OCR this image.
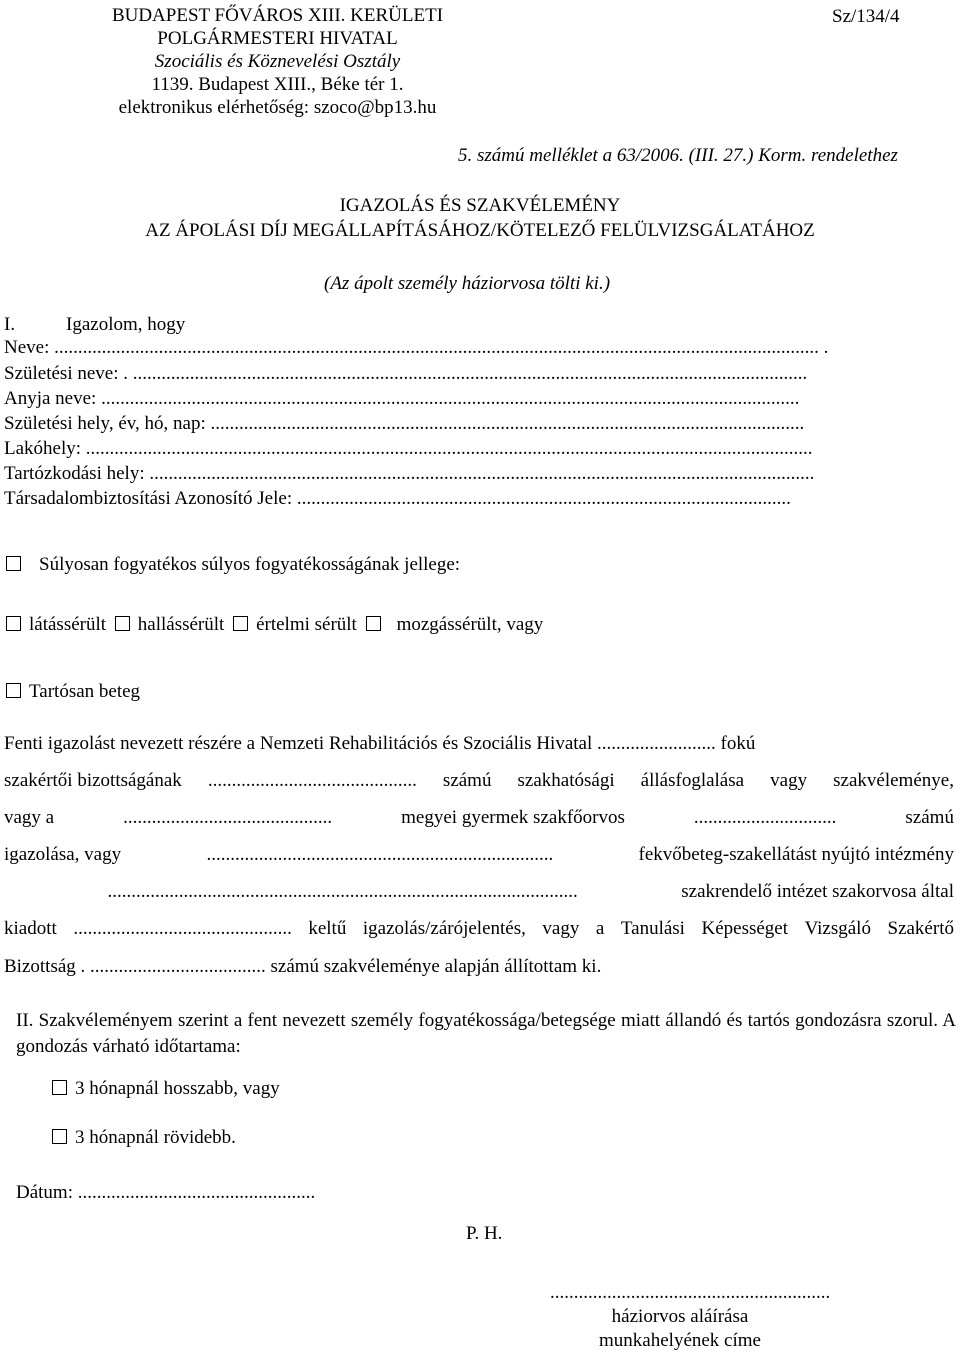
BUDAPEST FŐVÁROS XIII. KERÜLETI
POLGÁRMESTERI HIVATAL
Szociális és Köznevelési Osztály
1139. Budapest XIII., Béke tér 1.
elektronikus elérhetőség: szoco@bp13.hu
Sz/134/4
5. számú melléklet a 63/2006. (III. 27.) Korm. rendelethez
IGAZOLÁS ÉS SZAKVÉLEMÉNY
AZ ÁPOLÁSI DÍJ MEGÁLLAPÍTÁSÁHOZ/KÖTELEZŐ FELÜLVIZSGÁLATÁHOZ
(Az ápolt személy háziorvosa tölti ki.)
I.	Igazolom, hogy
Neve: ................................................................................................................................................................. .
Születési neve: . ..............................................................................................................................................
Anyja neve: ...................................................................................................................................................
Születési hely, év, hó, nap: .............................................................................................................................
Lakóhely: .........................................................................................................................................................
Tartózkodási hely: ............................................................................................................................................
Társadalombiztosítási Azonosító Jele: ........................................................................................................
Súlyosan fogyatékos súlyos fogyatékosságának jellege:
látássérült hallássérült értelmi sérült mozgássérült, vagy
Tartósan beteg
Fenti igazolást nevezett részére a Nemzeti Rehabilitációs és Szociális Hivatal ......................... fokú
szakértői bizottságának ............................................ számú szakhatósági állásfoglalása vagy szakvéleménye,
vagy a	............................................	megyei gyermek szakfőorvos	..............................	számú
igazolása, vagy	.........................................................................	fekvőbeteg-szakellátást nyújtó intézmény
...................................................................................................	szakrendelő intézet szakorvosa által
kiadott .............................................. keltű igazolás/zárójelentés, vagy a Tanulási Képességet Vizsgáló Szakértő
Bizottság . ..................................... számú szakvéleménye alapján állítottam ki.
II. Szakvéleményem szerint a fent nevezett személy fogyatékossága/betegsége miatt állandó és tartós gondozásra szorul. A gondozás várható időtartama:
3 hónapnál hosszabb, vagy
3 hónapnál rövidebb.
Dátum: ..................................................
P. H.
...........................................................
háziorvos aláírása
munkahelyének címe
